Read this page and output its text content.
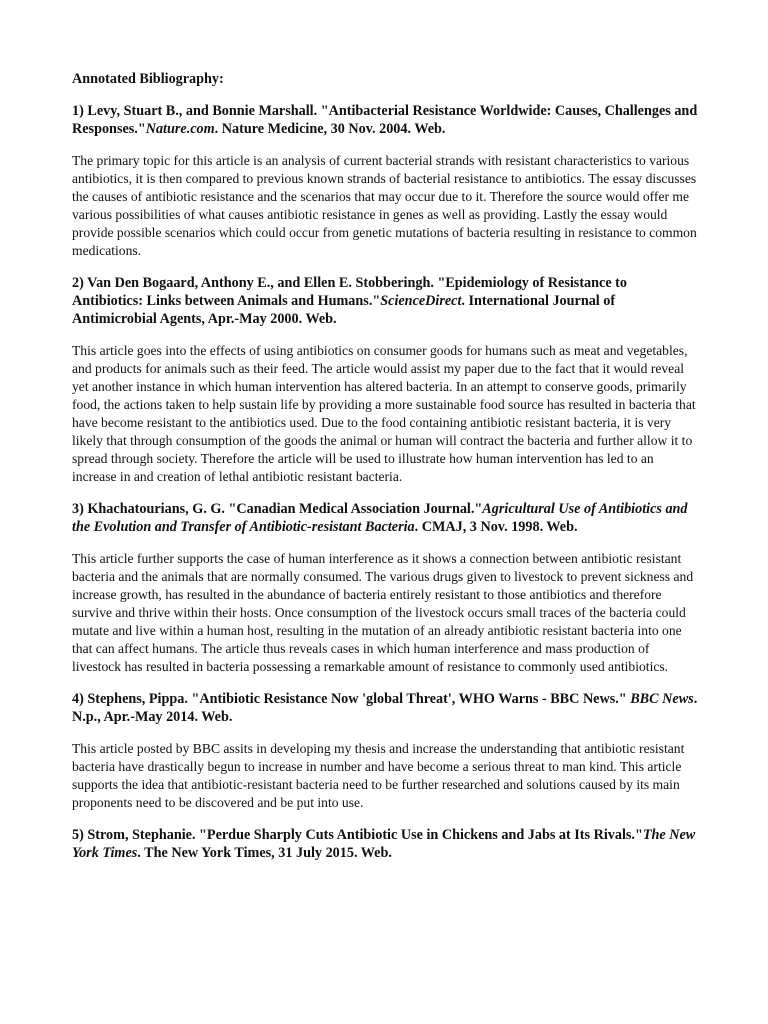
Annotated Bibliography:

1) Levy, Stuart B., and Bonnie Marshall. "Antibacterial Resistance Worldwide: Causes, Challenges and Responses."Nature.com. Nature Medicine, 30 Nov. 2004. Web.

The primary topic for this article is an analysis of current bacterial strands with resistant characteristics to various antibiotics, it is then compared to previous known strands of bacterial resistance to antibiotics. The essay discusses the causes of antibiotic resistance and the scenarios that may occur due to it. Therefore the source would offer me various possibilities of what causes antibiotic resistance in genes as well as providing. Lastly the essay would provide possible scenarios which could occur from genetic mutations of bacteria resulting in resistance to common medications.

2) Van Den Bogaard, Anthony E., and Ellen E. Stobberingh. "Epidemiology of Resistance to Antibiotics: Links between Animals and Humans."ScienceDirect. International Journal of Antimicrobial Agents, Apr.-May 2000. Web.

This article goes into the effects of using antibiotics on consumer goods for humans such as meat and vegetables, and products for animals such as their feed. The article would assist my paper due to the fact that it would reveal yet another instance in which human intervention has altered bacteria. In an attempt to conserve goods, primarily food, the actions taken to help sustain life by providing a more sustainable food source has resulted in bacteria that have become resistant to the antibiotics used. Due to the food containing antibiotic resistant bacteria, it is very likely that through consumption of the goods the animal or human will contract the bacteria and further allow it to spread through society. Therefore the article will be used to illustrate how human intervention has led to an increase in and creation of lethal antibiotic resistant bacteria.

3) Khachatourians, G. G. "Canadian Medical Association Journal."Agricultural Use of Antibiotics and the Evolution and Transfer of Antibiotic-resistant Bacteria. CMAJ, 3 Nov. 1998. Web.

This article further supports the case of human interference as it shows a connection between antibiotic resistant bacteria and the animals that are normally consumed. The various drugs given to livestock to prevent sickness and increase growth, has resulted in the abundance of bacteria entirely resistant to those antibiotics and therefore survive and thrive within their hosts. Once consumption of the livestock occurs small traces of the bacteria could mutate and live within a human host, resulting in the mutation of an already antibiotic resistant bacteria into one that can affect humans. The article thus reveals cases in which human interference and mass production of livestock has resulted in bacteria possessing a remarkable amount of resistance to commonly used antibiotics.

4) Stephens, Pippa. "Antibiotic Resistance Now 'global Threat', WHO Warns - BBC News." BBC News. N.p., Apr.-May 2014. Web.

This article posted by BBC assits in developing my thesis and increase the understanding that antibiotic resistant bacteria have drastically begun to increase in number and have become a serious threat to man kind. This article supports the idea that antibiotic-resistant bacteria need to be further researched and solutions caused by its main proponents need to be discovered and be put into use.

5) Strom, Stephanie. "Perdue Sharply Cuts Antibiotic Use in Chickens and Jabs at Its Rivals."The New York Times. The New York Times, 31 July 2015. Web.
